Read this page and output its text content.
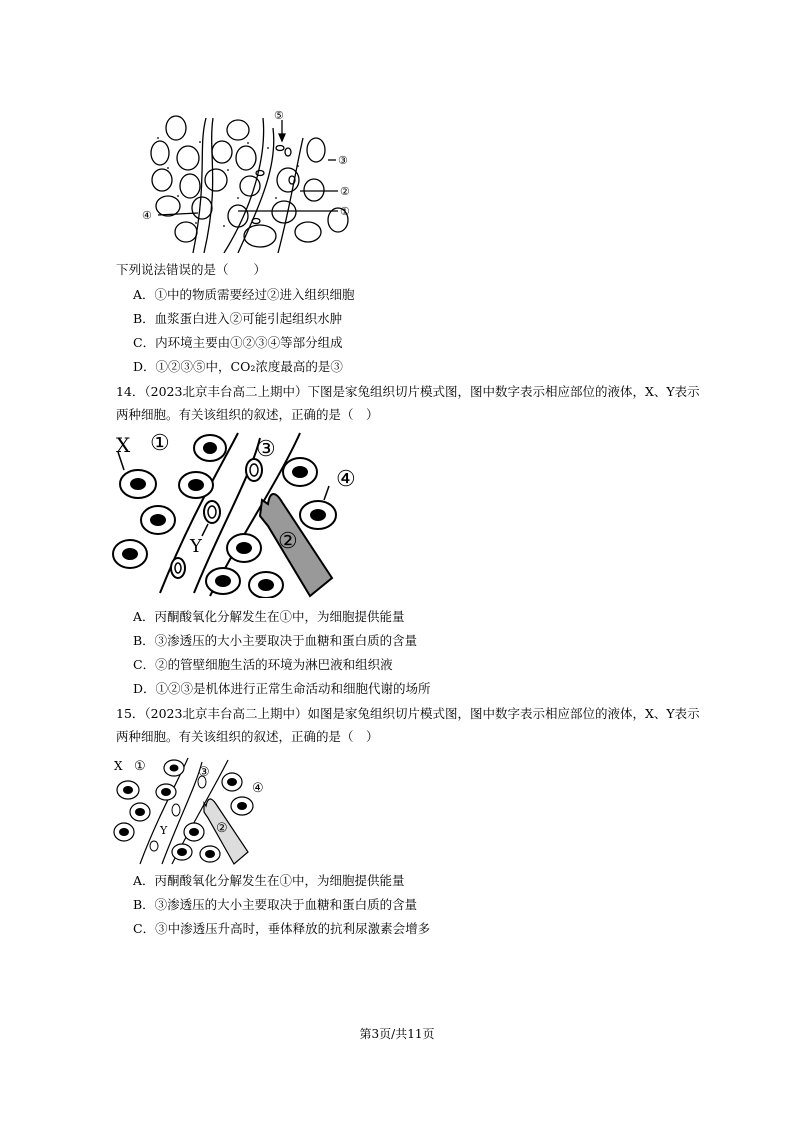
⑤
③
②
①
④
下列说法错误的是（　　）
A．①中的物质需要经过②进入组织细胞
B．血浆蛋白进入②可能引起组织水肿
C．内环境主要由①②③④等部分组成
D．①②③⑤中，CO₂浓度最高的是③
14．（2023北京丰台高二上期中）下图是家兔组织切片模式图，图中数字表示相应部位的液体，X、Y表示
两种细胞。有关该组织的叙述，正确的是（　）
X ①	③
④
②
Y
A．丙酮酸氧化分解发生在①中，为细胞提供能量
B．③渗透压的大小主要取决于血糖和蛋白质的含量
C．②的管壁细胞生活的环境为淋巴液和组织液
D．①②③是机体进行正常生命活动和细胞代谢的场所
15．（2023北京丰台高二上期中）如图是家兔组织切片模式图，图中数字表示相应部位的液体，X、Y表示
两种细胞。有关该组织的叙述，正确的是（　）
X ①	③
④
②
Y
A．丙酮酸氧化分解发生在①中，为细胞提供能量
B．③渗透压的大小主要取决于血糖和蛋白质的含量
C．③中渗透压升高时，垂体释放的抗利尿激素会增多
第3页/共11页
